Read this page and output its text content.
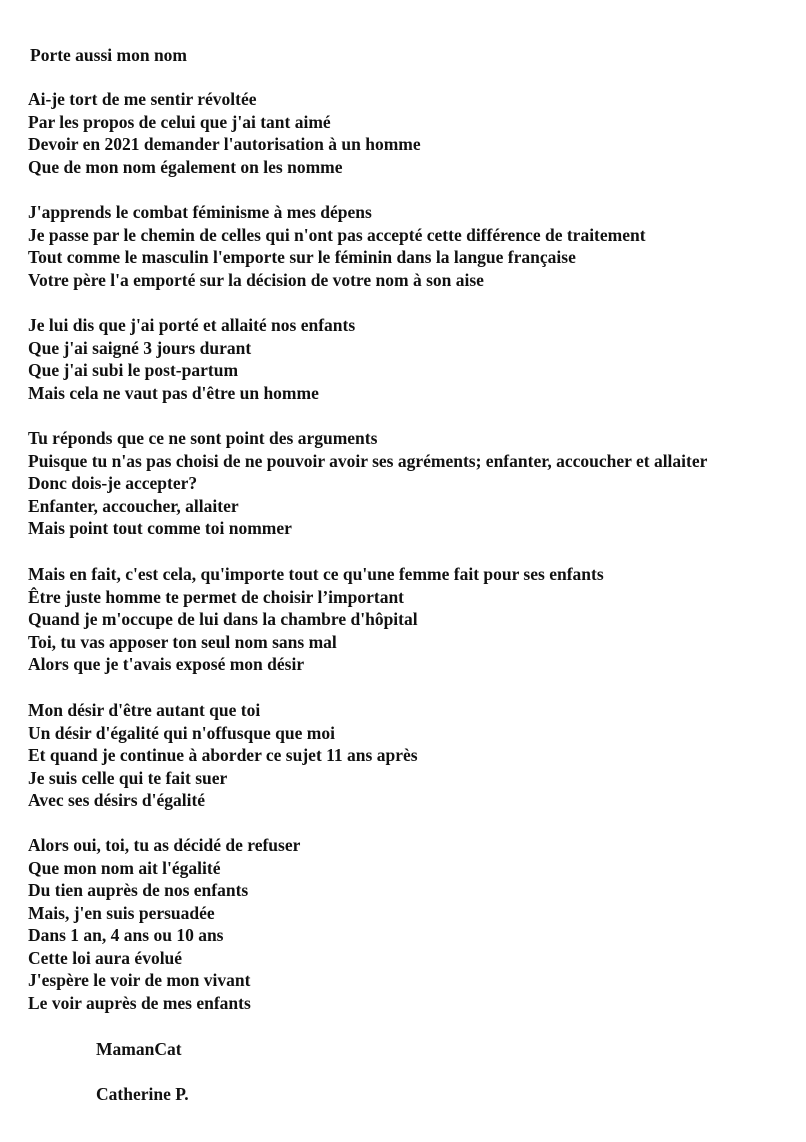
Porte aussi mon nom

Ai-je tort de me sentir révoltée
Par les propos de celui que j'ai tant aimé
Devoir en 2021 demander l'autorisation à un homme
Que de mon nom également on les nomme
J'apprends le combat féminisme à mes dépens
Je passe par le chemin de celles qui n'ont pas accepté cette différence de traitement
Tout comme le masculin l'emporte sur le féminin dans la langue française
Votre père l'a emporté sur la décision de votre nom à son aise
Je lui dis que j'ai porté et allaité nos enfants
Que j'ai saigné 3 jours durant
Que j'ai subi le post-partum
Mais cela ne vaut pas d'être un homme
Tu réponds que ce ne sont point des arguments
Puisque tu n'as pas choisi de ne pouvoir avoir ses agréments; enfanter, accoucher et allaiter
Donc dois-je accepter?
Enfanter, accoucher, allaiter
Mais point tout comme toi nommer
Mais en fait, c'est cela, qu'importe tout ce qu'une femme fait pour ses enfants
Être juste homme te permet de choisir l’important
Quand je m'occupe de lui dans la chambre d'hôpital
Toi, tu vas apposer ton seul nom sans mal
Alors que je t'avais exposé mon désir
Mon désir d'être autant que toi
Un désir d'égalité qui n'offusque que moi
Et quand je continue à aborder ce sujet 11 ans après
Je suis celle qui te fait suer
Avec ses désirs d'égalité
Alors oui, toi, tu as décidé de refuser
Que mon nom ait l'égalité
Du tien auprès de nos enfants
Mais, j'en suis persuadée
Dans 1 an, 4 ans ou 10 ans
Cette loi aura évolué
J'espère le voir de mon vivant
Le voir auprès de mes enfants
MamanCat
Catherine P.
